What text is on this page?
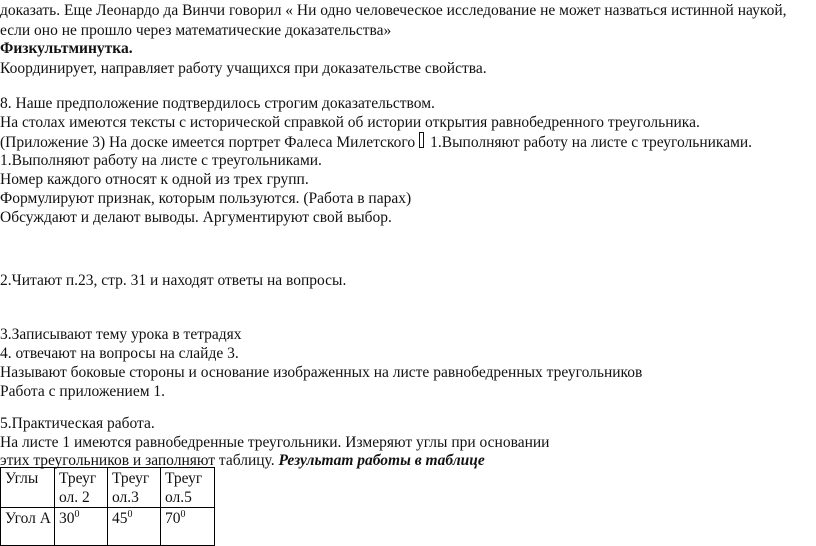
доказать. Еще Леонардо да Винчи говорил « Ни одно человеческое исследование не может назваться истинной наукой,
если оно не прошло через математические доказательства»
Физкультминутка.
Координирует, направляет работу учащихся при доказательстве свойства.
8. Наше предположение подтвердилось строгим доказательством.
На столах имеются тексты с исторической справкой об истории открытия равнобедренного треугольника.
(Приложение 3) На доске имеется портрет Фалеса Милетского 1.Выполняют работу на листе с треугольниками.
1.Выполняют работу на листе с треугольниками.
Номер каждого относят к одной из трех групп.
Формулируют признак, которым пользуются. (Работа в парах)
Обсуждают и делают выводы. Аргументируют свой выбор.
2.Читают п.23, стр. 31 и находят ответы на вопросы.
3.Записывают тему урока в тетрадях
4. отвечают на вопросы на слайде 3.
Называют боковые стороны и основание изображенных на листе равнобедренных треугольников
Работа с приложением 1.
5.Практическая работа.
На листе 1 имеются равнобедренные треугольники. Измеряют углы при основании
этих треугольников и заполняют таблицу. Результат работы в таблице
Углы	Треуг ол. 2	Треуг ол.3	Треуг ол.5
Угол А	$30^0$	$45^0$	$70^0$
